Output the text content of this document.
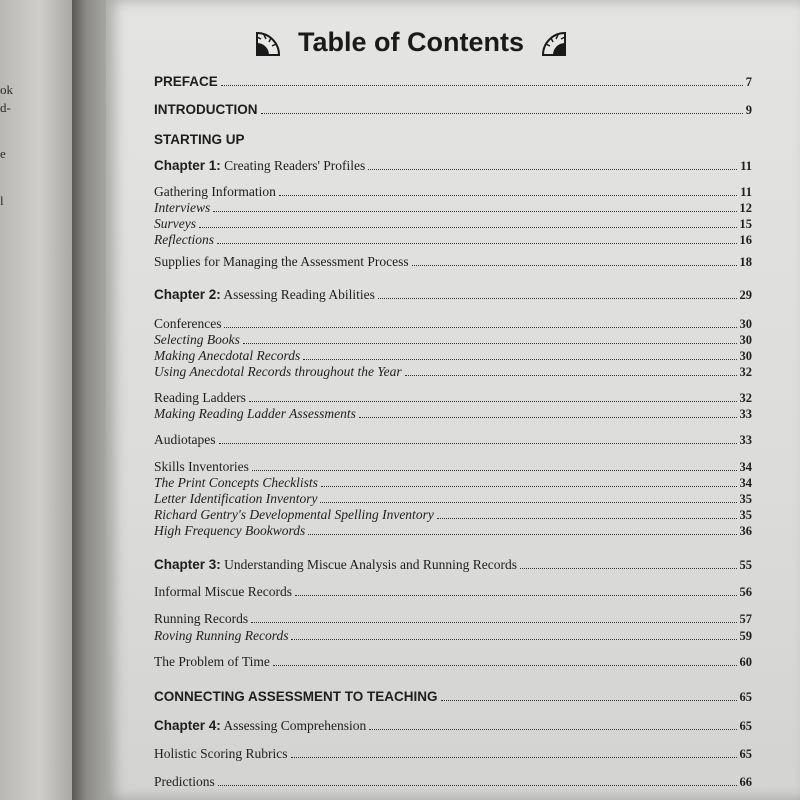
ok
d-
e
l
Table of Contents
PREFACE	7
INTRODUCTION	9
STARTING UP
Chapter 1: Creating Readers' Profiles	11
Gathering Information	11
Interviews	12
Surveys	15
Reflections	16
Supplies for Managing the Assessment Process	18
Chapter 2: Assessing Reading Abilities	29
Conferences	30
Selecting Books	30
Making Anecdotal Records	30
Using Anecdotal Records throughout the Year	32
Reading Ladders	32
Making Reading Ladder Assessments	33
Audiotapes	33
Skills Inventories	34
The Print Concepts Checklists	34
Letter Identification Inventory	35
Richard Gentry's Developmental Spelling Inventory	35
High Frequency Bookwords	36
Chapter 3: Understanding Miscue Analysis and Running Records	55
Informal Miscue Records	56
Running Records	57
Roving Running Records	59
The Problem of Time	60
CONNECTING ASSESSMENT TO TEACHING	65
Chapter 4: Assessing Comprehension	65
Holistic Scoring Rubrics	65
Predictions	66
